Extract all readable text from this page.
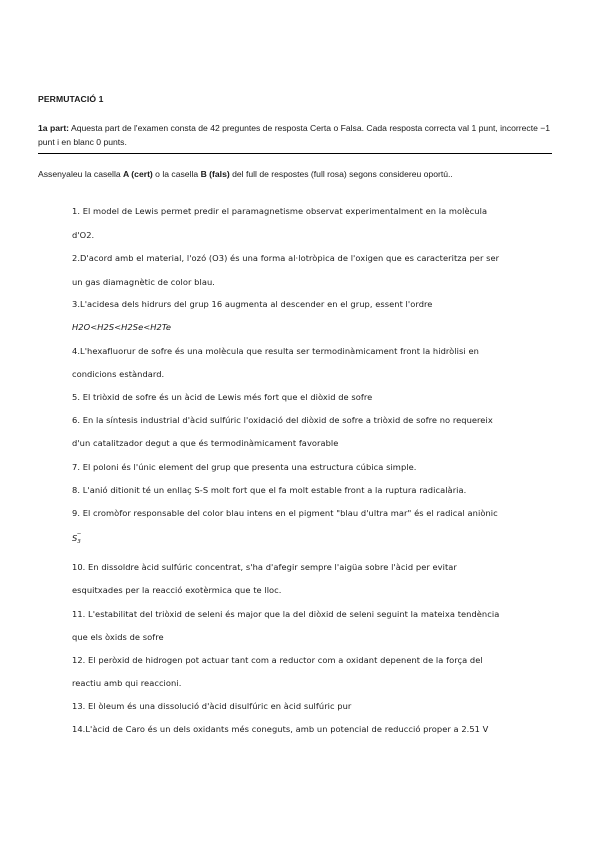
PERMUTACIÓ 1
1a part: Aquesta part de l'examen consta de 42 preguntes de resposta Certa o Falsa. Cada resposta correcta val 1 punt, incorrecte −1 punt i en blanc 0 punts.
Assenyaleu la casella A (cert) o la casella B (fals) del full de respostes (full rosa) segons considereu oportú..
1. El model de Lewis permet predir el paramagnetisme observat experimentalment en la molècula
d'O2.
2.D'acord amb el material, l'ozó (O3) és una forma al·lotròpica de l'oxigen que es caracteritza per ser
un gas diamagnètic de color blau.
3.L'acidesa dels hidrurs del grup 16 augmenta al descender en el grup, essent l'ordre
H2O<H2S<H2Se<H2Te
4.L'hexafluorur de sofre és una molècula que resulta ser termodinàmicament front la hidròlisi en
condicions estàndard.
5. El triòxid de sofre és un àcid de Lewis més fort que el diòxid de sofre
6. En la síntesis industrial d'àcid sulfúric l'oxidació del diòxid de sofre a triòxid de sofre no requereix
d'un catalitzador degut a que és termodinàmicament favorable
7. El poloni és l'únic element del grup que presenta una estructura cúbica simple.
8. L'anió ditionit té un enllaç S-S molt fort que el fa molt estable front a la ruptura radicalària.
9. El cromòfor responsable del color blau intens en el pigment "blau d'ultra mar" és el radical aniònic
$S_3^-$
10. En dissoldre àcid sulfúric concentrat, s'ha d'afegir sempre l'aigüa sobre l'àcid per evitar
esquitxades per la reacció exotèrmica que te lloc.
11. L'estabilitat del triòxid de seleni és major que la del diòxid de seleni seguint la mateixa tendència
que els òxids de sofre
12. El peròxid de hidrogen pot actuar tant com a reductor com a oxidant depenent de la força del
reactiu amb qui reaccioni.
13. El òleum és una dissolució d'àcid disulfúric en àcid sulfúric pur
14.L'àcid de Caro és un dels oxidants més coneguts, amb un potencial de reducció proper a 2.51 V
